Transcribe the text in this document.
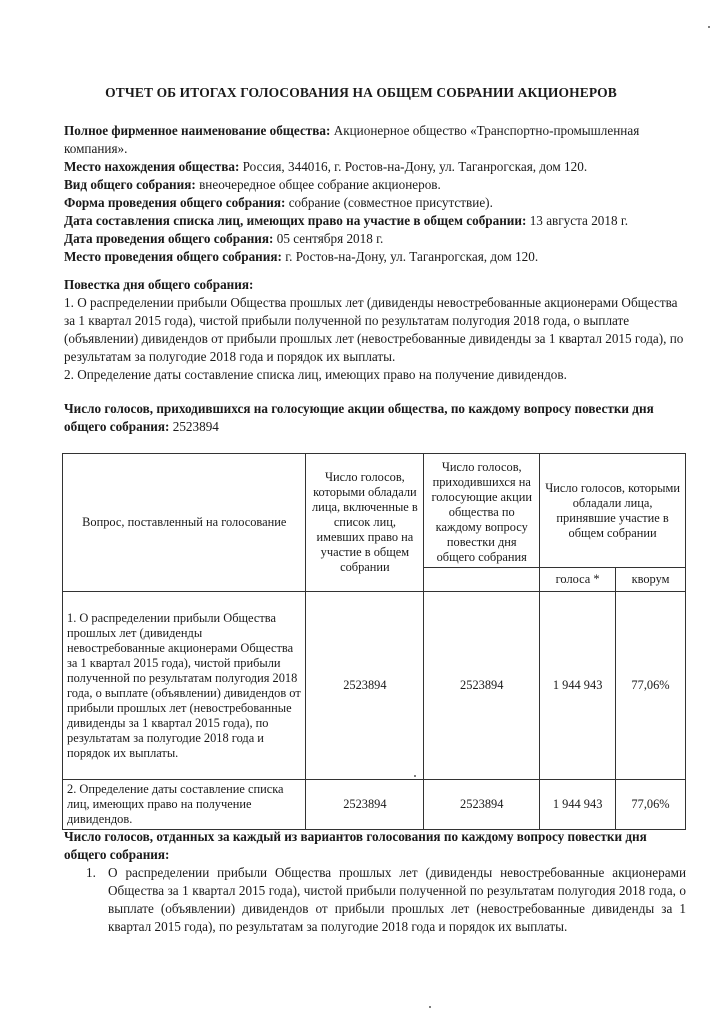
ОТЧЕТ ОБ ИТОГАХ ГОЛОСОВАНИЯ НА ОБЩЕМ СОБРАНИИ АКЦИОНЕРОВ
Полное фирменное наименование общества: Акционерное общество «Транспортно-промышленная
компания».
Место нахождения общества: Россия, 344016, г. Ростов-на-Дону, ул. Таганрогская, дом 120.
Вид общего собрания: внеочередное общее собрание акционеров.
Форма проведения общего собрания: собрание (совместное присутствие).
Дата составления списка лиц, имеющих право на участие в общем собрании: 13 августа 2018 г.
Дата проведения общего собрания: 05 сентября 2018 г.
Место проведения общего собрания: г. Ростов-на-Дону, ул. Таганрогская, дом 120.
Повестка дня общего собрания:
1. О распределении прибыли Общества прошлых лет (дивиденды невостребованные акционерами Общества
за 1 квартал 2015 года), чистой прибыли полученной по результатам полугодия 2018 года, о выплате
(объявлении) дивидендов от прибыли прошлых лет (невостребованные дивиденды за 1 квартал 2015 года), по
результатам за полугодие 2018 года и порядок их выплаты.
2. Определение даты составление списка лиц, имеющих право на получение дивидендов.
Число голосов, приходившихся на голосующие акции общества, по каждому вопросу повестки дня
общего собрания: 2523894
Вопрос, поставленный на голосование	Число голосов, которыми обладали лица, включенные в список лиц, имевших право на участие в общем собрании	Число голосов, приходившихся на голосующие акции общества по каждому вопросу повестки дня общего собрания	Число голосов, которыми обладали лица, принявшие участие в общем собрании	
			голоса *	кворум
1. О распределении прибыли Общества прошлых лет (дивиденды невостребованные акционерами Общества за 1 квартал 2015 года), чистой прибыли полученной по результатам полугодия 2018 года, о выплате (объявлении) дивидендов от прибыли прошлых лет (невостребованные дивиденды за 1 квартал 2015 года), по результатам за полугодие 2018 года и порядок их выплаты.	2523894	2523894	1 944 943	77,06%
2. Определение даты составление списка лиц, имеющих право на получение дивидендов.	2523894	2523894	1 944 943	77,06%
Число голосов, отданных за каждый из вариантов голосования по каждому вопросу повестки дня
общего собрания:
1. О распределении прибыли Общества прошлых лет (дивиденды невостребованные акционерами Общества за 1 квартал 2015 года), чистой прибыли полученной по результатам полугодия 2018 года, о выплате (объявлении) дивидендов от прибыли прошлых лет (невостребованные дивиденды за 1 квартал 2015 года), по результатам за полугодие 2018 года и порядок их выплаты.
